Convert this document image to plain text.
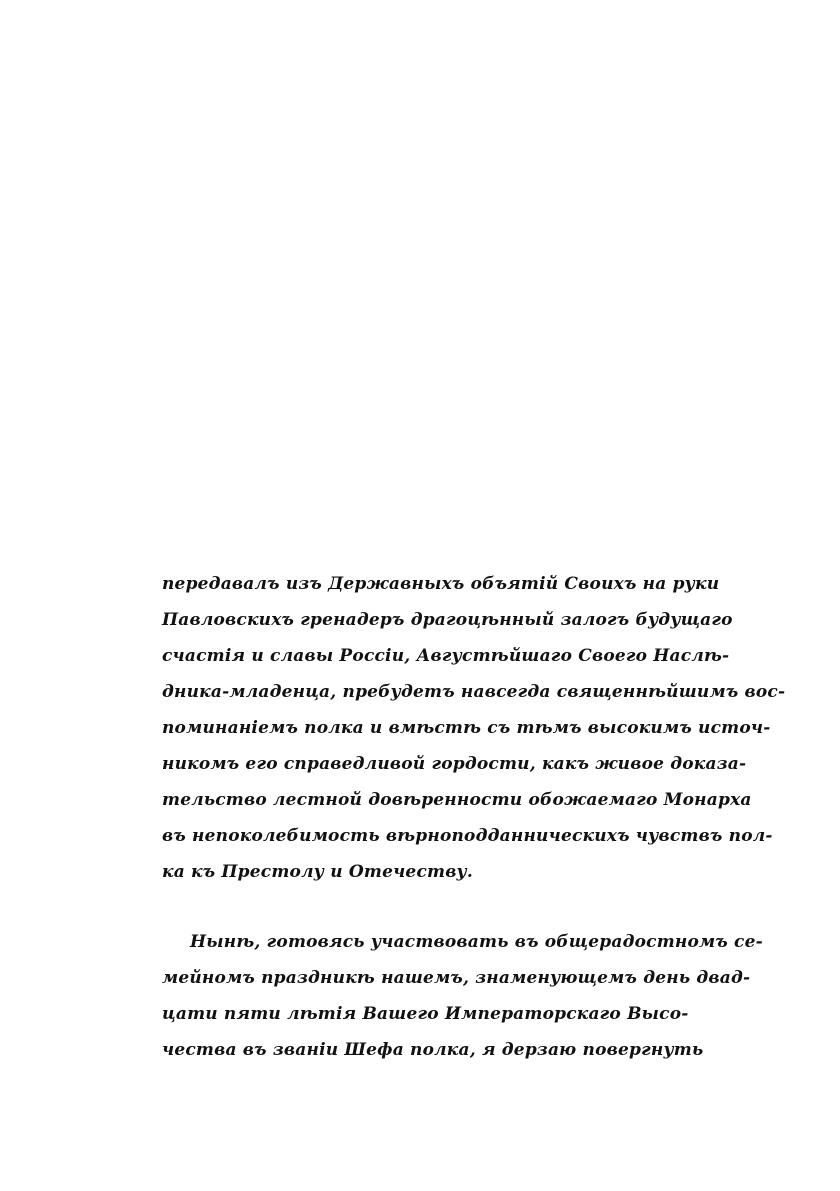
передавалъ изъ Державныхъ объятій Своихъ на руки
Павловскихъ гренадеръ драгоцѣнный залогъ будущаго
счастія и славы Россіи, Августѣйшаго Своего Наслѣ-
дника-младенца, пребудетъ навсегда священнѣйшимъ вос-
поминаніемъ полка и вмѣстѣ съ тѣмъ высокимъ источ-
никомъ его справедливой гордости, какъ живое доказа-
тельство лестной довѣренности обожаемаго Монарха
въ непоколебимость вѣрноподданническихъ чувствъ пол-
ка къ Престолу и Отечеству.
Нынѣ, готовясь участвовать въ общерадостномъ се-
мейномъ праздникѣ нашемъ, знаменующемъ день двад-
цати пяти лѣтія Вашего Императорскаго Высо-
чества въ званіи Шефа полка, я дерзаю повергнуть
